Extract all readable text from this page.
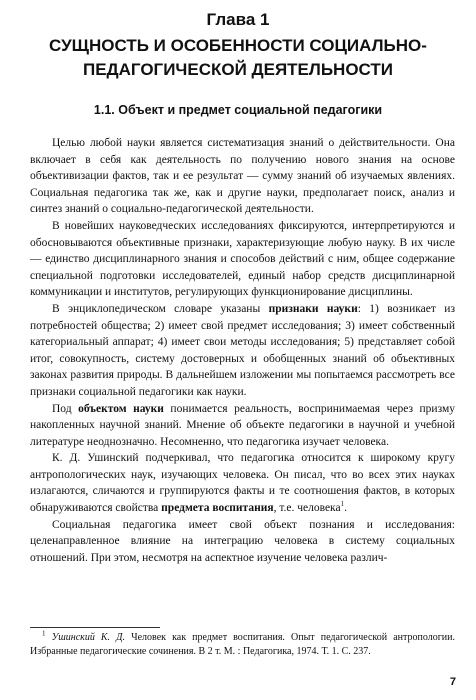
Глава 1
СУЩНОСТЬ И ОСОБЕННОСТИ СОЦИАЛЬНО-
ПЕДАГОГИЧЕСКОЙ ДЕЯТЕЛЬНОСТИ
1.1. Объект и предмет социальной педагогики

Целью любой науки является систематизация знаний о действительности. Она включает в себя как деятельность по получению нового знания на основе объективизации фактов, так и ее результат — сумму знаний об изучаемых явлениях. Социальная педагогика так же, как и другие науки, предполагает поиск, анализ и синтез знаний о социально-педагогической деятельности.

В новейших науковедческих исследованиях фиксируются, интерпретируются и обосновываются объективные признаки, характеризующие любую науку. В их числе — единство дисциплинарного знания и способов действий с ним, общее содержание специальной подготовки исследователей, единый набор средств дисциплинарной коммуникации и институтов, регулирующих функционирование дисциплины.

В энциклопедическом словаре указаны признаки науки: 1) возникает из потребностей общества; 2) имеет свой предмет исследования; 3) имеет собственный категориальный аппарат; 4) имеет свои методы исследования; 5) представляет собой итог, совокупность, систему достоверных и обобщенных знаний об объективных законах развития природы. В дальнейшем изложении мы попытаемся рассмотреть все признаки социальной педагогики как науки.

Под объектом науки понимается реальность, воспринимаемая через призму накопленных научной знаний. Мнение об объекте педагогики в научной и учебной литературе неоднозначно. Несомненно, что педагогика изучает человека.

К. Д. Ушинский подчеркивал, что педагогика относится к широкому кругу антропологических наук, изучающих человека. Он писал, что во всех этих науках излагаются, сличаются и группируются факты и те соотношения фактов, в которых обнаруживаются свойства предмета воспитания, т.е. человека$^1$.

Социальная педагогика имеет свой объект познания и исследования: целенаправленное влияние на интеграцию человека в систему социальных отношений. При этом, несмотря на аспектное изучение человека различ-

$^1$ Ушинский К. Д. Человек как предмет воспитания. Опыт педагогической антропологии. Избранные педагогические сочинения. В 2 т. М. : Педагогика, 1974. Т. 1. С. 237.
7
